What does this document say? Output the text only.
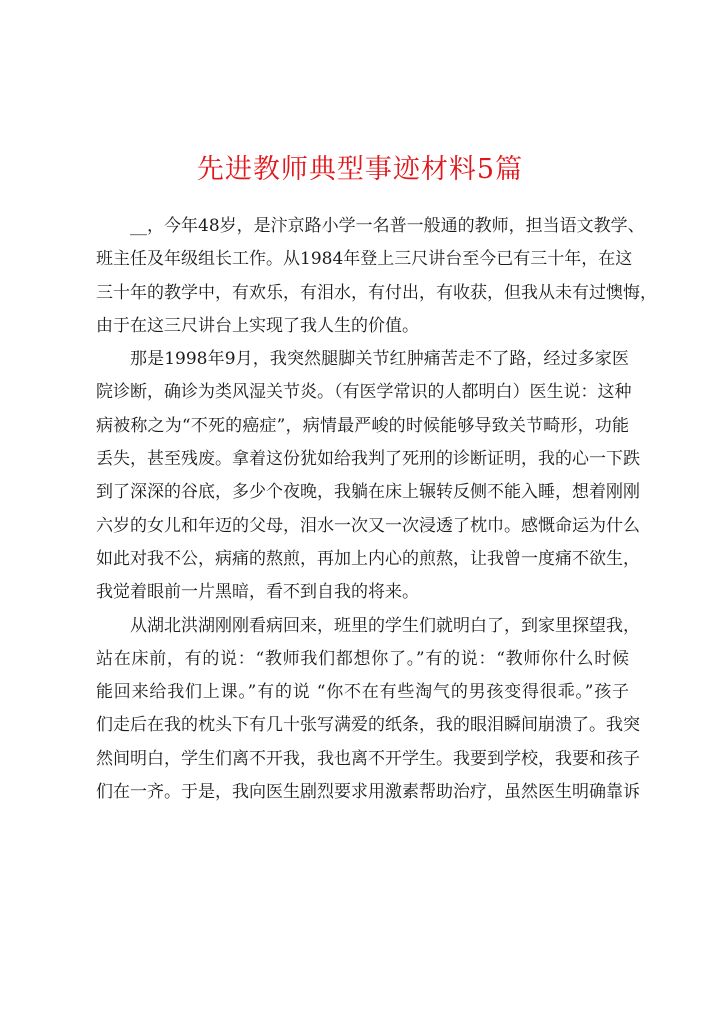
先进教师典型事迹材料5篇
__，今年48岁，是汴京路小学一名普一般通的教师，担当语文教学、
班主任及年级组长工作。从1984年登上三尺讲台至今已有三十年，在这
三十年的教学中，有欢乐，有泪水，有付出，有收获，但我从未有过懊悔，
由于在这三尺讲台上实现了我人生的价值。
那是1998年9月，我突然腿脚关节红肿痛苦走不了路，经过多家医
院诊断，确诊为类风湿关节炎。（有医学常识的人都明白）医生说：这种
病被称之为“不死的癌症”，病情最严峻的时候能够导致关节畸形，功能
丢失，甚至残废。拿着这份犹如给我判了死刑的诊断证明，我的心一下跌
到了深深的谷底，多少个夜晚，我躺在床上辗转反侧不能入睡，想着刚刚
六岁的女儿和年迈的父母，泪水一次又一次浸透了枕巾。感慨命运为什么
如此对我不公，病痛的熬煎，再加上内心的煎熬，让我曾一度痛不欲生，
我觉着眼前一片黑暗，看不到自我的将来。
从湖北洪湖刚刚看病回来，班里的学生们就明白了，到家里探望我，
站在床前，有的说：“教师我们都想你了。”有的说：“教师你什么时候
能回来给我们上课。”有的说 “你不在有些淘气的男孩变得很乖。”孩子
们走后在我的枕头下有几十张写满爱的纸条，我的眼泪瞬间崩溃了。我突
然间明白，学生们离不开我，我也离不开学生。我要到学校，我要和孩子
们在一齐。于是，我向医生剧烈要求用激素帮助治疗，虽然医生明确靠诉
